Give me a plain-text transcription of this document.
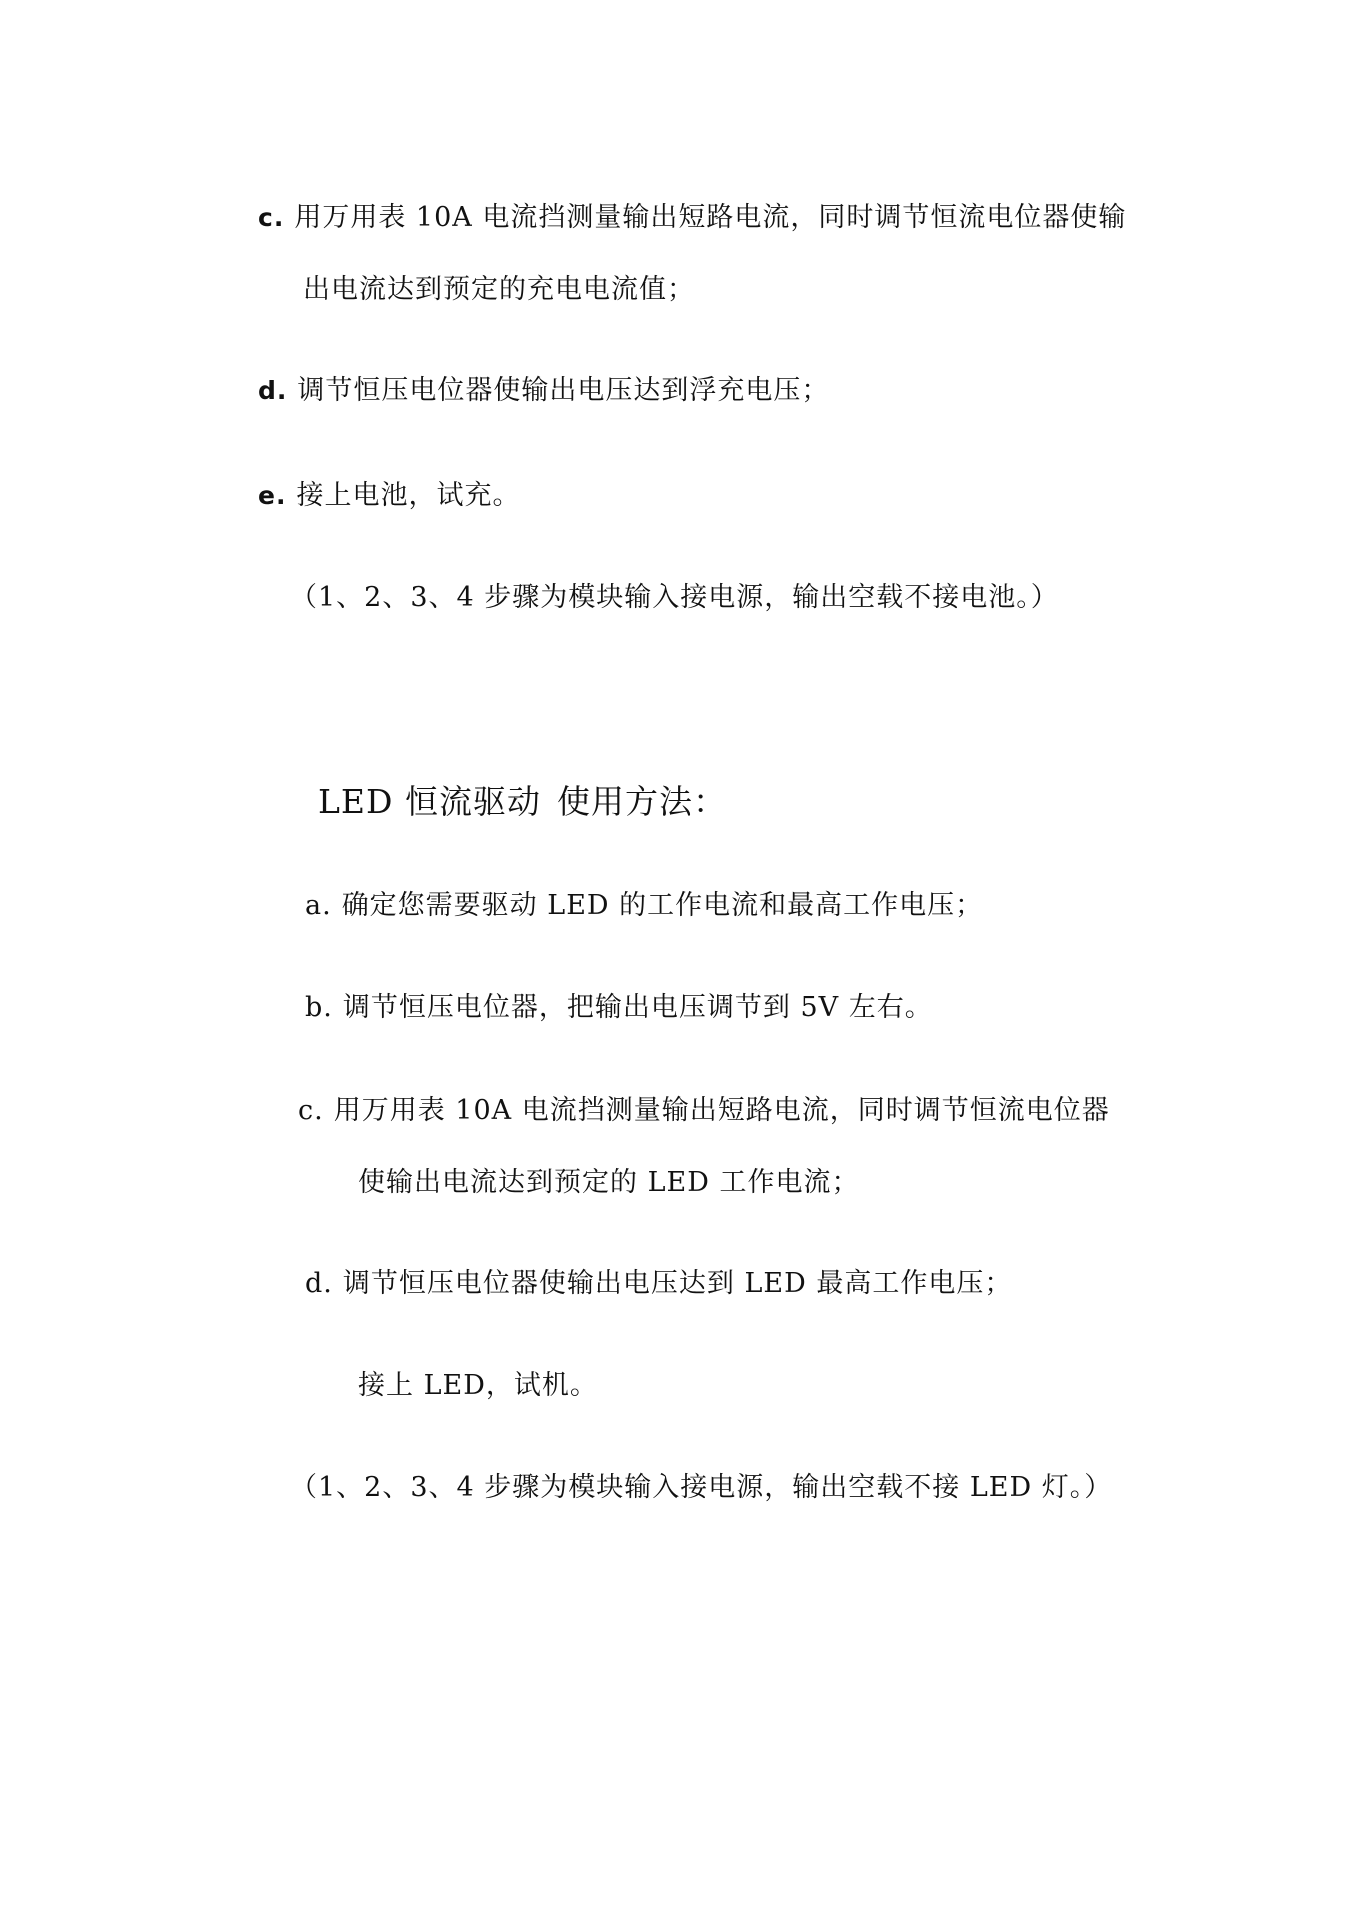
c. 用万用表 10A 电流挡测量输出短路电流，同时调节恒流电位器使输
出电流达到预定的充电电流值；
d. 调节恒压电位器使输出电压达到浮充电压；
e. 接上电池，试充。
（1、2、3、4 步骤为模块输入接电源，输出空载不接电池。）
LED 恒流驱动 使用方法：
a. 确定您需要驱动 LED 的工作电流和最高工作电压；
b. 调节恒压电位器，把输出电压调节到 5V 左右。
c. 用万用表 10A 电流挡测量输出短路电流，同时调节恒流电位器
使输出电流达到预定的 LED 工作电流；
d. 调节恒压电位器使输出电压达到 LED 最高工作电压；
接上 LED，试机。
（1、2、3、4 步骤为模块输入接电源，输出空载不接 LED 灯。）
